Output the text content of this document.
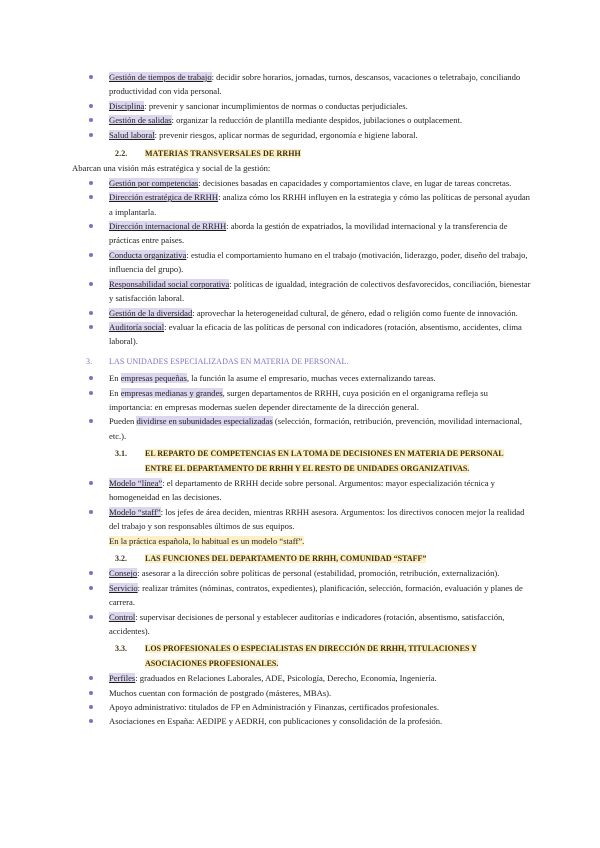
Gestión de tiempos de trabajo: decidir sobre horarios, jornadas, turnos, descansos, vacaciones o teletrabajo, conciliando productividad con vida personal.
Disciplina: prevenir y sancionar incumplimientos de normas o conductas perjudiciales.
Gestión de salidas: organizar la reducción de plantilla mediante despidos, jubilaciones o outplacement.
Salud laboral: prevenir riesgos, aplicar normas de seguridad, ergonomía e higiene laboral.
2.2. MATERIAS TRANSVERSALES DE RRHH

Abarcan una visión más estratégica y social de la gestión:

Gestión por competencias: decisiones basadas en capacidades y comportamientos clave, en lugar de tareas concretas.
Dirección estratégica de RRHH: analiza cómo los RRHH influyen en la estrategia y cómo las políticas de personal ayudan a implantarla.
Dirección internacional de RRHH: aborda la gestión de expatriados, la movilidad internacional y la transferencia de prácticas entre países.
Conducta organizativa: estudia el comportamiento humano en el trabajo (motivación, liderazgo, poder, diseño del trabajo, influencia del grupo).
Responsabilidad social corporativa: políticas de igualdad, integración de colectivos desfavorecidos, conciliación, bienestar y satisfacción laboral.
Gestión de la diversidad: aprovechar la heterogeneidad cultural, de género, edad o religión como fuente de innovación.
Auditoría social: evaluar la eficacia de las políticas de personal con indicadores (rotación, absentismo, accidentes, clima laboral).
3. LAS UNIDADES ESPECIALIZADAS EN MATERIA DE PERSONAL.
En empresas pequeñas, la función la asume el empresario, muchas veces externalizando tareas.
En empresas medianas y grandes, surgen departamentos de RRHH, cuya posición en el organigrama refleja su importancia: en empresas modernas suelen depender directamente de la dirección general.
Pueden dividirse en subunidades especializadas (selección, formación, retribución, prevención, movilidad internacional, etc.).
3.1.	EL REPARTO DE COMPETENCIAS EN LA TOMA DE DECISIONES EN MATERIA DE PERSONAL ENTRE EL DEPARTAMENTO DE RRHH Y EL RESTO DE UNIDADES ORGANIZATIVAS.
Modelo “línea”: el departamento de RRHH decide sobre personal. Argumentos: mayor especialización técnica y homogeneidad en las decisiones.
Modelo “staff”: los jefes de área deciden, mientras RRHH asesora. Argumentos: los directivos conocen mejor la realidad del trabajo y son responsables últimos de sus equipos.

En la práctica española, lo habitual es un modelo “staff”.

3.2.	LAS FUNCIONES DEL DEPARTAMENTO DE RRHH, COMUNIDAD “STAFF”
Consejo: asesorar a la dirección sobre políticas de personal (estabilidad, promoción, retribución, externalización).
Servicio: realizar trámites (nóminas, contratos, expedientes), planificación, selección, formación, evaluación y planes de carrera.
Control: supervisar decisiones de personal y establecer auditorías e indicadores (rotación, absentismo, satisfacción, accidentes).
3.3.	LOS PROFESIONALES O ESPECIALISTAS EN DIRECCIÓN DE RRHH, TITULACIONES Y ASOCIACIONES PROFESIONALES.
Perfiles: graduados en Relaciones Laborales, ADE, Psicología, Derecho, Economía, Ingeniería.
Muchos cuentan con formación de postgrado (másteres, MBAs).
Apoyo administrativo: titulados de FP en Administración y Finanzas, certificados profesionales.
Asociaciones en España: AEDIPE y AEDRH, con publicaciones y consolidación de la profesión.
